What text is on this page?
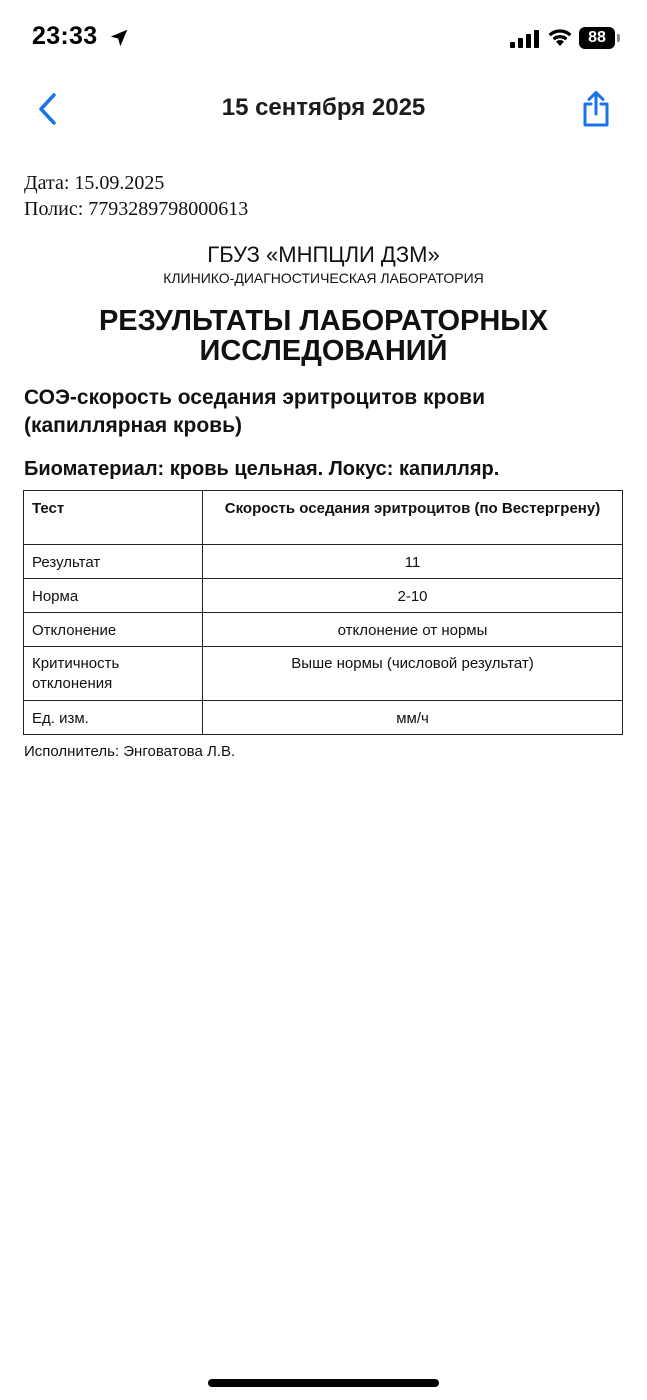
23:33	88
15 сентября 2025
Дата: 15.09.2025
Полис: 7793289798000613
ГБУЗ «МНПЦЛИ ДЗМ»
КЛИНИКО-ДИАГНОСТИЧЕСКАЯ ЛАБОРАТОРИЯ
РЕЗУЛЬТАТЫ ЛАБОРАТОРНЫХ
ИССЛЕДОВАНИЙ
СОЭ-скорость оседания эритроцитов крови (капиллярная кровь)
Биоматериал: кровь цельная. Локус: капилляр.
Тест	Скорость оседания эритроцитов (по Вестергрену)
Результат	11
Норма	2-10
Отклонение	отклонение от нормы
Критичность отклонения	Выше нормы (числовой результат)
Ед. изм.	мм/ч
Исполнитель: Энговатова Л.В.
